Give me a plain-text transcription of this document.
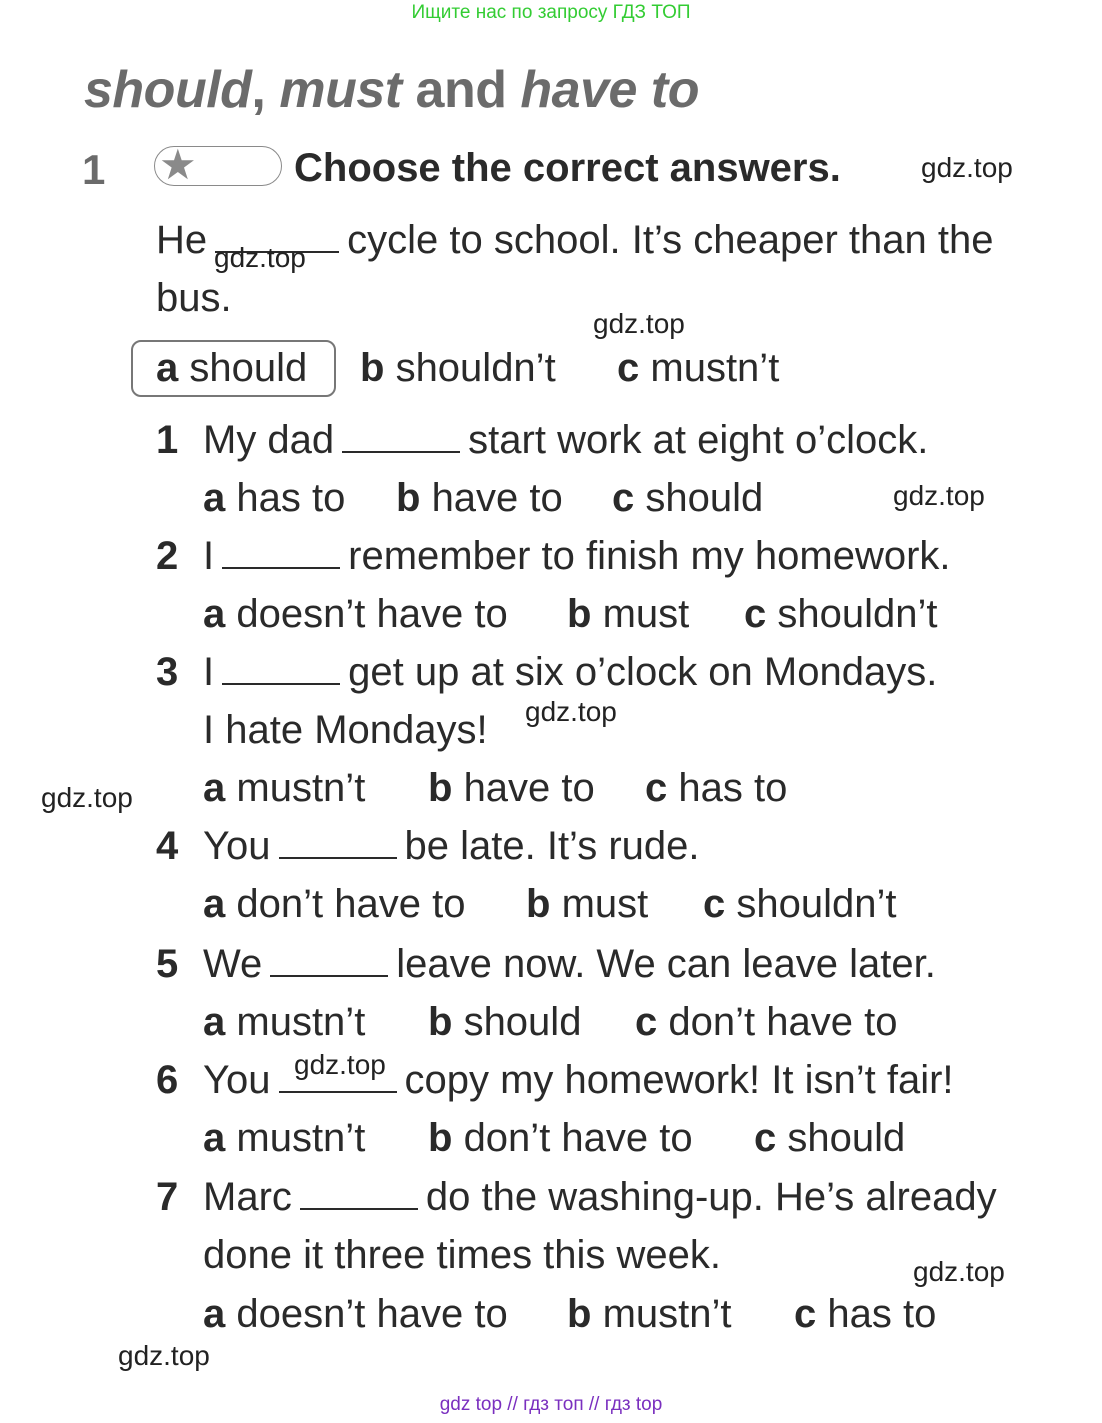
Ищите нас по запросу ГДЗ ТОП
should, must and have to
1 ★ Choose the correct answers.
He	cycle to school. It’s cheaper than the
bus.
a should b shouldn’t c mustn’t
1 My dad	start work at eight o’clock.
a has to b have to c should
2 I	remember to finish my homework.
a doesn’t have to b must c shouldn’t
3 I	get up at six o’clock on Mondays.
I hate Mondays!
a mustn’t b have to c has to
4 You	be late. It’s rude.
a don’t have to b must c shouldn’t
5 We	leave now. We can leave later.
a mustn’t b should c don’t have to
6 You	copy my homework! It isn’t fair!
a mustn’t b don’t have to c should
7 Marc	do the washing-up. He’s already
done it three times this week.
a doesn’t have to b mustn’t c has to
gdz.top
gdz.top
gdz.top
gdz.top
gdz.top
gdz.top
gdz.top
gdz.top
gdz.top
gdz top // гдз топ // гдз top
